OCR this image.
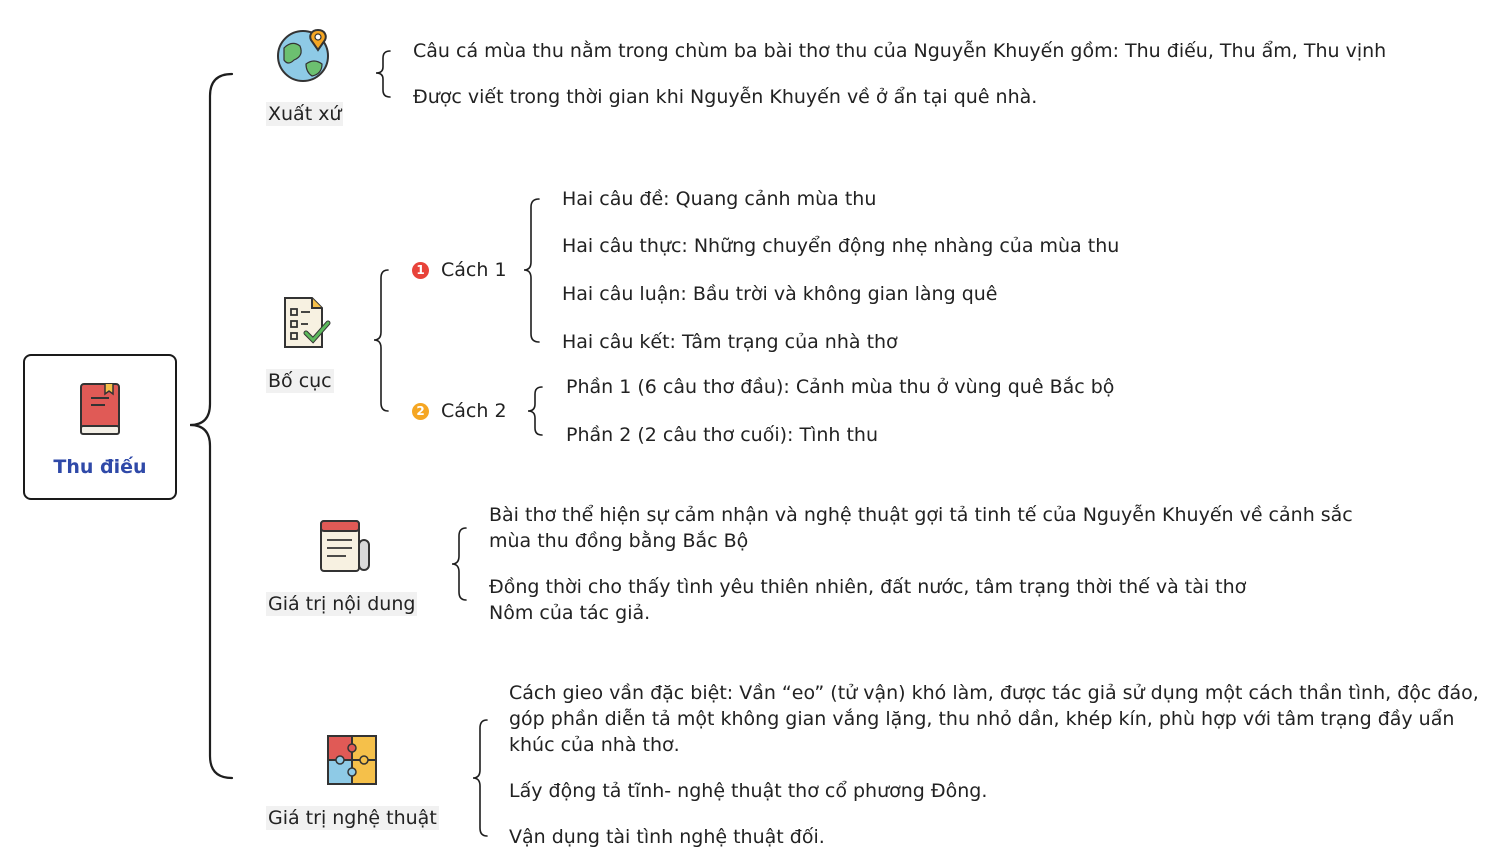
Thu điếu
Xuất xứ
Câu cá mùa thu nằm trong chùm ba bài thơ thu của Nguyễn Khuyến gồm: Thu điếu, Thu ẩm, Thu vịnh
Được viết trong thời gian khi Nguyễn Khuyến về ở ẩn tại quê nhà.
Bố cục
1 Cách 1
Hai câu đề: Quang cảnh mùa thu
Hai câu thực: Những chuyển động nhẹ nhàng của mùa thu
Hai câu luận: Bầu trời và không gian làng quê
Hai câu kết: Tâm trạng của nhà thơ
2 Cách 2
Phần 1 (6 câu thơ đầu): Cảnh mùa thu ở vùng quê Bắc bộ
Phần 2 (2 câu thơ cuối): Tình thu
Giá trị nội dung
Bài thơ thể hiện sự cảm nhận và nghệ thuật gợi tả tinh tế của Nguyễn Khuyến về cảnh sắc
mùa thu đồng bằng Bắc Bộ
Đồng thời cho thấy tình yêu thiên nhiên, đất nước, tâm trạng thời thế và tài thơ
Nôm của tác giả.
Giá trị nghệ thuật
Cách gieo vần đặc biệt: Vần “eo” (tử vận) khó làm, được tác giả sử dụng một cách thần tình, độc đáo,
góp phần diễn tả một không gian vắng lặng, thu nhỏ dần, khép kín, phù hợp với tâm trạng đầy uẩn
khúc của nhà thơ.
Lấy động tả tĩnh- nghệ thuật thơ cổ phương Đông.
Vận dụng tài tình nghệ thuật đối.
